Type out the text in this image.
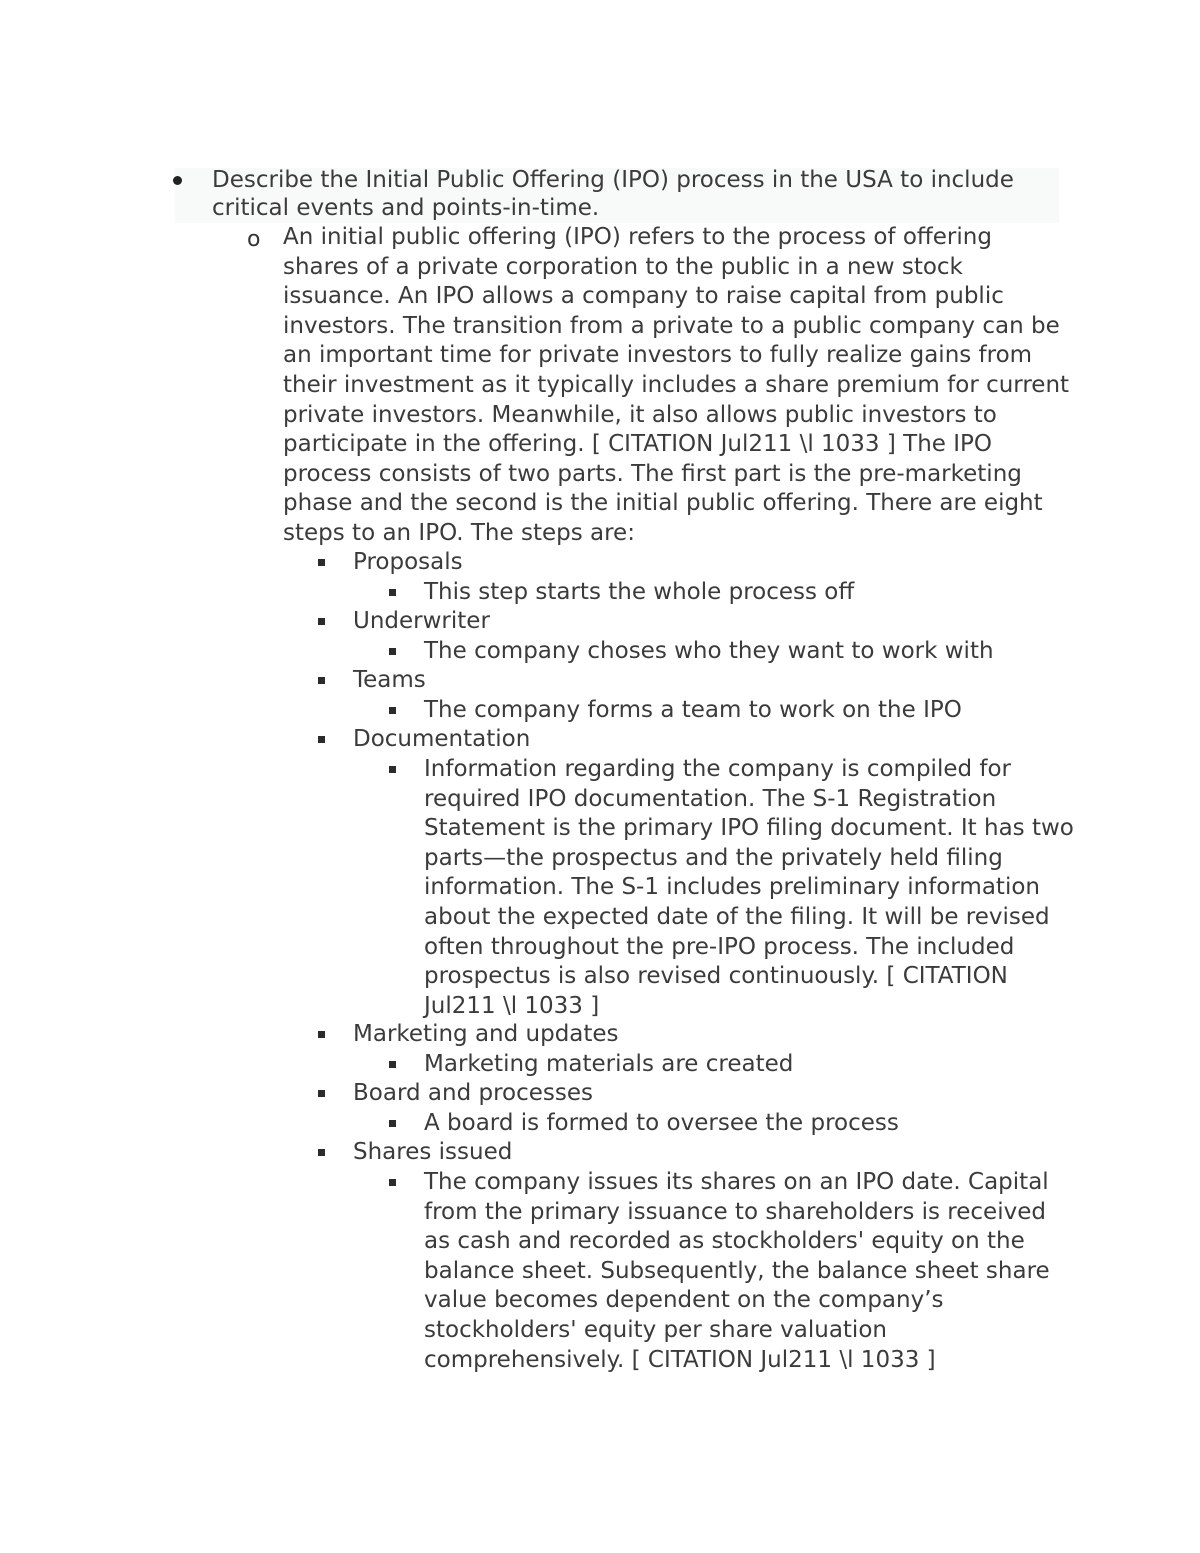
Describe the Initial Public Offering (IPO) process in the USA to include critical events and points-in-time.

o An initial public offering (IPO) refers to the process of offering shares of a private corporation to the public in a new stock issuance. An IPO allows a company to raise capital from public investors. The transition from a private to a public company can be an important time for private investors to fully realize gains from their investment as it typically includes a share premium for current private investors. Meanwhile, it also allows public investors to participate in the offering. [ CITATION Jul211 \l 1033 ] The IPO process consists of two parts. The first part is the pre-marketing phase and the second is the initial public offering. There are eight steps to an IPO. The steps are:

Proposals

This step starts the whole process off

Underwriter

The company choses who they want to work with

Teams

The company forms a team to work on the IPO

Documentation

Information regarding the company is compiled for required IPO documentation. The S-1 Registration Statement is the primary IPO filing document. It has two parts—the prospectus and the privately held filing information. The S-1 includes preliminary information about the expected date of the filing. It will be revised often throughout the pre-IPO process. The included prospectus is also revised continuously. [ CITATION Jul211 \l 1033 ]

Marketing and updates

Marketing materials are created

Board and processes

A board is formed to oversee the process

Shares issued

The company issues its shares on an IPO date. Capital from the primary issuance to shareholders is received as cash and recorded as stockholders' equity on the balance sheet. Subsequently, the balance sheet share value becomes dependent on the company’s stockholders' equity per share valuation comprehensively. [ CITATION Jul211 \l 1033 ]
